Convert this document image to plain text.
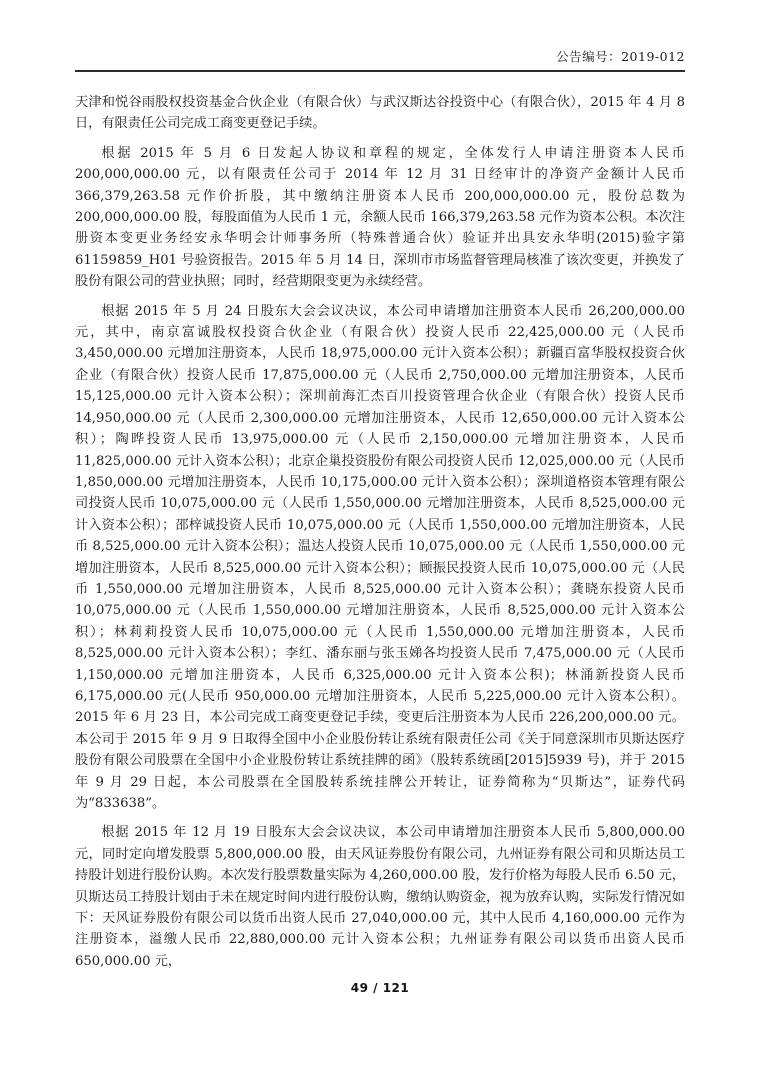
公告编号：2019-012

天津和悦谷雨股权投资基金合伙企业（有限合伙）与武汉斯达谷投资中心（有限合伙），2015 年 4 月 8 日，有限责任公司完成工商变更登记手续。

根据 2015 年 5 月 6 日发起人协议和章程的规定，全体发行人申请注册资本人民币 200,000,000.00 元，以有限责任公司于 2014 年 12 月 31 日经审计的净资产金额计人民币 366,379,263.58 元作价折股，其中缴纳注册资本人民币 200,000,000.00 元，股份总数为 200,000,000.00 股，每股面值为人民币 1 元，余额人民币 166,379,263.58 元作为资本公积。本次注册资本变更业务经安永华明会计师事务所（特殊普通合伙）验证并出具安永华明(2015)验字第 61159859_H01 号验资报告。2015 年 5 月 14 日，深圳市市场监督管理局核准了该次变更，并换发了股份有限公司的营业执照；同时，经营期限变更为永续经营。

根据 2015 年 5 月 24 日股东大会会议决议，本公司申请增加注册资本人民币 26,200,000.00 元，其中，南京富诚股权投资合伙企业（有限合伙）投资人民币 22,425,000.00 元（人民币 3,450,000.00 元增加注册资本，人民币 18,975,000.00 元计入资本公积）；新疆百富华股权投资合伙企业（有限合伙）投资人民币 17,875,000.00 元（人民币 2,750,000.00 元增加注册资本，人民币 15,125,000.00 元计入资本公积）；深圳前海汇杰百川投资管理合伙企业（有限合伙）投资人民币 14,950,000.00 元（人民币 2,300,000.00 元增加注册资本，人民币 12,650,000.00 元计入资本公积）；陶晔投资人民币 13,975,000.00 元（人民币 2,150,000.00 元增加注册资本，人民币 11,825,000.00 元计入资本公积）；北京企巢投资股份有限公司投资人民币 12,025,000.00 元（人民币 1,850,000.00 元增加注册资本，人民币 10,175,000.00 元计入资本公积）；深圳道格资本管理有限公司投资人民币 10,075,000.00 元（人民币 1,550,000.00 元增加注册资本，人民币 8,525,000.00 元计入资本公积）；邵梓诚投资人民币 10,075,000.00 元（人民币 1,550,000.00 元增加注册资本，人民币 8,525,000.00 元计入资本公积）；温达人投资人民币 10,075,000.00 元（人民币 1,550,000.00 元增加注册资本，人民币 8,525,000.00 元计入资本公积）；顾振民投资人民币 10,075,000.00 元（人民币 1,550,000.00 元增加注册资本，人民币 8,525,000.00 元计入资本公积）；龚晓东投资人民币 10,075,000.00 元（人民币 1,550,000.00 元增加注册资本，人民币 8,525,000.00 元计入资本公积）；林莉莉投资人民币 10,075,000.00 元（人民币 1,550,000.00 元增加注册资本，人民币 8,525,000.00 元计入资本公积）；李红、潘东丽与张玉娣各均投资人民币 7,475,000.00 元（人民币 1,150,000.00 元增加注册资本，人民币 6,325,000.00 元计入资本公积)；林涌新投资人民币 6,175,000.00 元(人民币 950,000.00 元增加注册资本，人民币 5,225,000.00 元计入资本公积）。2015 年 6 月 23 日，本公司完成工商变更登记手续，变更后注册资本为人民币 226,200,000.00 元。本公司于 2015 年 9 月 9 日取得全国中小企业股份转让系统有限责任公司《关于同意深圳市贝斯达医疗股份有限公司股票在全国中小企业股份转让系统挂牌的函》（股转系统函[2015]5939 号)，并于 2015 年 9 月 29 日起，本公司股票在全国股转系统挂牌公开转让，证券简称为“贝斯达”，证券代码为“833638”。

根据 2015 年 12 月 19 日股东大会会议决议，本公司申请增加注册资本人民币 5,800,000.00 元，同时定向增发股票 5,800,000.00 股，由天风证券股份有限公司，九州证券有限公司和贝斯达员工持股计划进行股份认购。本次发行股票数量实际为 4,260,000.00 股，发行价格为每股人民币 6.50 元，贝斯达员工持股计划由于未在规定时间内进行股份认购，缴纳认购资金，视为放弃认购，实际发行情况如下：天风证券股份有限公司以货币出资人民币 27,040,000.00 元，其中人民币 4,160,000.00 元作为注册资本，溢缴人民币 22,880,000.00 元计入资本公积；九州证券有限公司以货币出资人民币 650,000.00 元，

49 / 121
